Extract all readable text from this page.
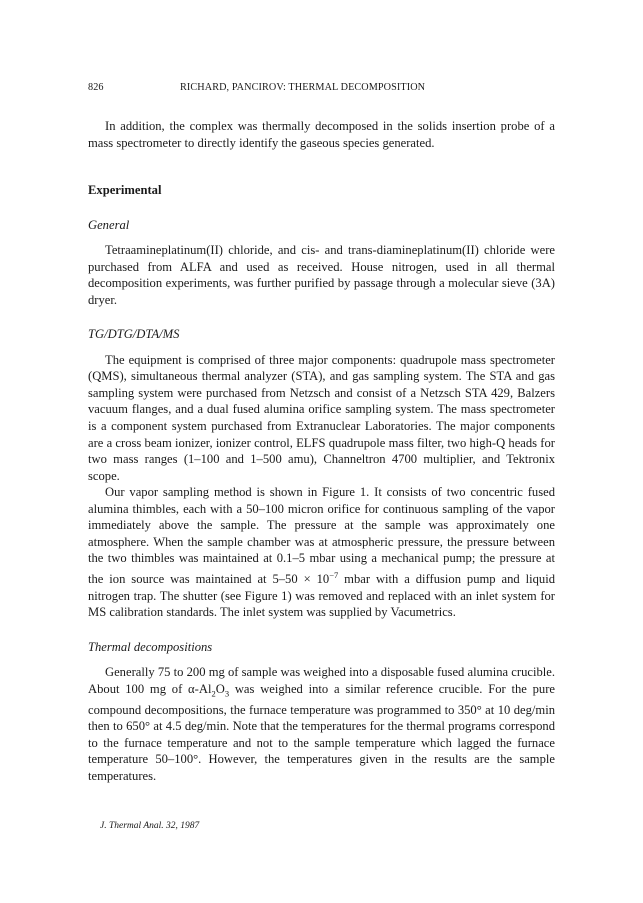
826	RICHARD, PANCIROV: THERMAL DECOMPOSITION

In addition, the complex was thermally decomposed in the solids insertion probe of a mass spectrometer to directly identify the gaseous species generated.

Experimental
General

Tetraamineplatinum(II) chloride, and cis- and trans-diamineplatinum(II) chloride were purchased from ALFA and used as received. House nitrogen, used in all thermal decomposition experiments, was further purified by passage through a molecular sieve (3A) dryer.

TG/DTG/DTA/MS

The equipment is comprised of three major components: quadrupole mass spectrometer (QMS), simultaneous thermal analyzer (STA), and gas sampling system. The STA and gas sampling system were purchased from Netzsch and consist of a Netzsch STA 429, Balzers vacuum flanges, and a dual fused alumina orifice sampling system. The mass spectrometer is a component system purchased from Extranuclear Laboratories. The major components are a cross beam ionizer, ionizer control, ELFS quadrupole mass filter, two high-Q heads for two mass ranges (1–100 and 1–500 amu), Channeltron 4700 multiplier, and Tektronix scope.

Our vapor sampling method is shown in Figure 1. It consists of two concentric fused alumina thimbles, each with a 50–100 micron orifice for continuous sampling of the vapor immediately above the sample. The pressure at the sample was approximately one atmosphere. When the sample chamber was at atmospheric pressure, the pressure between the two thimbles was maintained at 0.1–5 mbar using a mechanical pump; the pressure at the ion source was maintained at $5-50 \times 10^{-7}$ mbar with a diffusion pump and liquid nitrogen trap. The shutter (see Figure 1) was removed and replaced with an inlet system for MS calibration standards. The inlet system was supplied by Vacumetrics.

Thermal decompositions

Generally 75 to 200 mg of sample was weighed into a disposable fused alumina crucible. About 100 mg of $\alpha-Al_2O_3$ was weighed into a similar reference crucible. For the pure compound decompositions, the furnace temperature was programmed to 350° at 10 deg/min then to 650° at 4.5 deg/min. Note that the temperatures for the thermal programs correspond to the furnace temperature and not to the sample temperature which lagged the furnace temperature 50–100°. However, the temperatures given in the results are the sample temperatures.

J. Thermal Anal. 32, 1987
